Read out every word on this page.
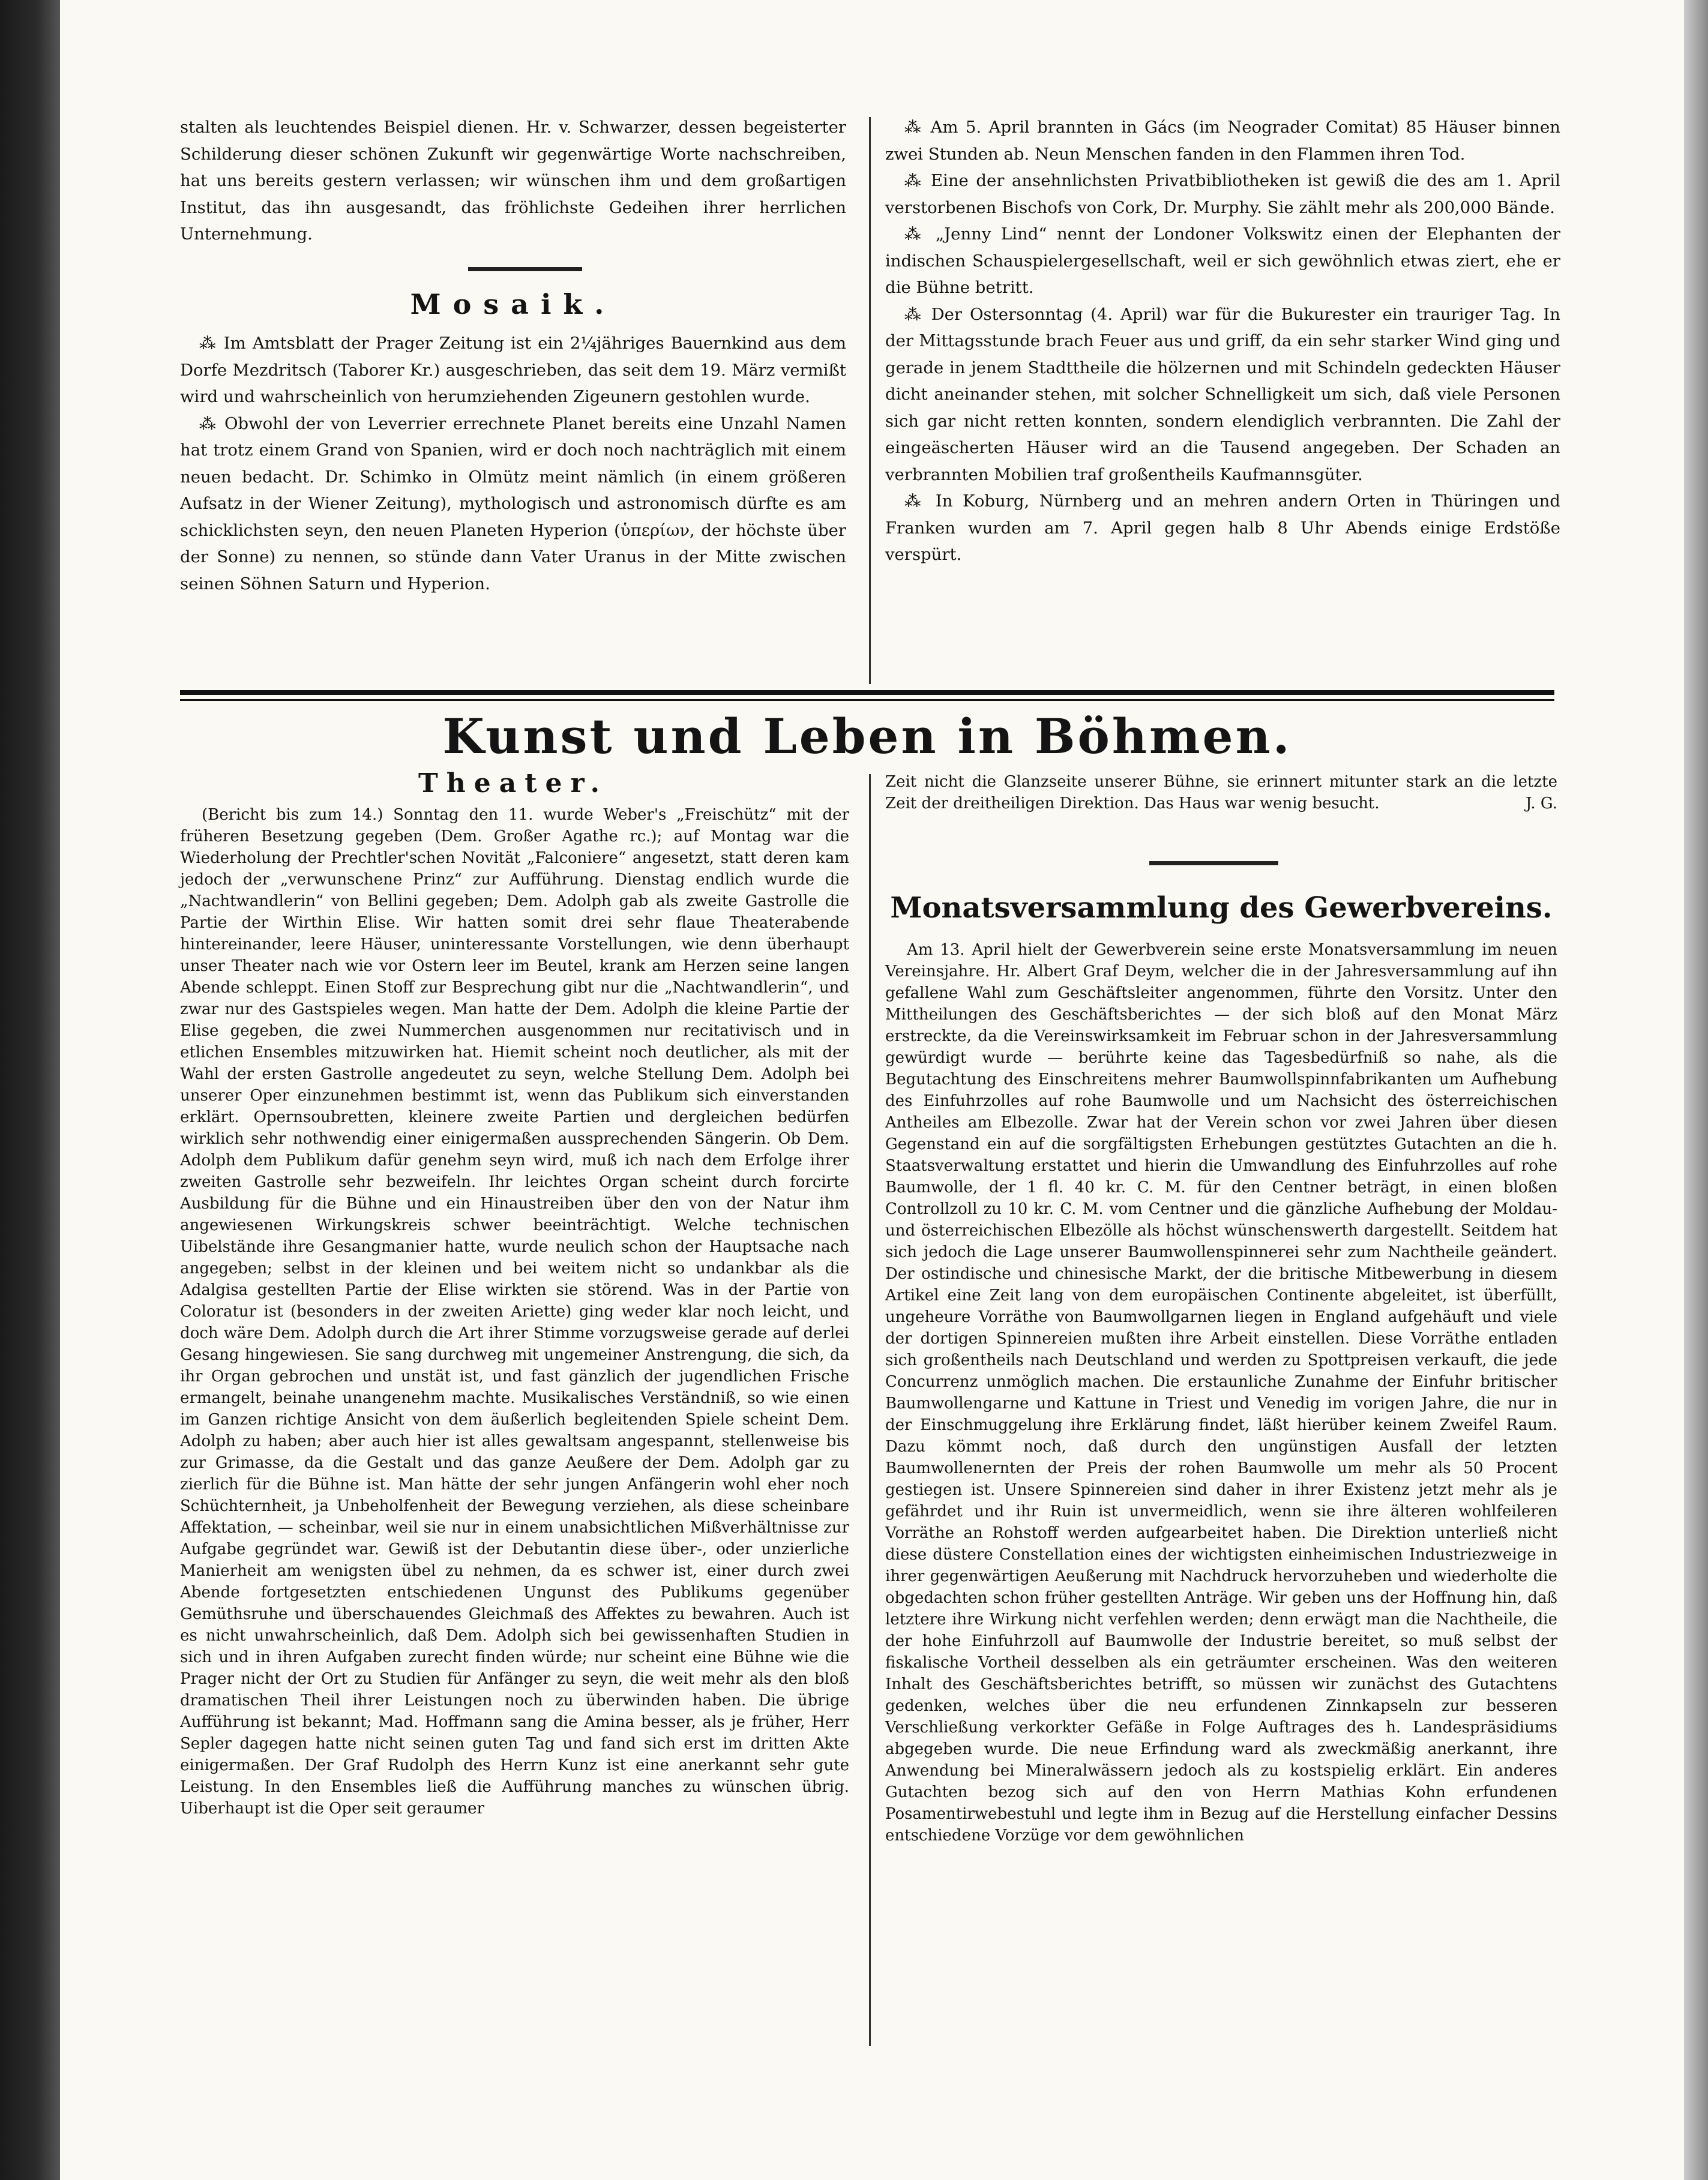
stalten als leuchtendes Beispiel dienen. Hr. v. Schwarzer, dessen begeisterter Schilderung dieser schönen Zukunft wir gegenwärtige Worte nachschreiben, hat uns bereits gestern verlassen; wir wünschen ihm und dem großartigen Institut, das ihn ausgesandt, das fröhlichste Gedeihen ihrer herrlichen Unternehmung.

Mosaik.

⁂ Im Amtsblatt der Prager Zeitung ist ein 2¼jähriges Bauernkind aus dem Dorfe Mezdritsch (Taborer Kr.) ausgeschrieben, das seit dem 19. März vermißt wird und wahrscheinlich von herumziehenden Zigeunern gestohlen wurde.

⁂ Obwohl der von Leverrier errechnete Planet bereits eine Unzahl Namen hat trotz einem Grand von Spanien, wird er doch noch nachträglich mit einem neuen bedacht. Dr. Schimko in Olmütz meint nämlich (in einem größeren Aufsatz in der Wiener Zeitung), mythologisch und astronomisch dürfte es am schicklichsten seyn, den neuen Planeten Hyperion (ὑπερίων, der höchste über der Sonne) zu nennen, so stünde dann Vater Uranus in der Mitte zwischen seinen Söhnen Saturn und Hyperion.

⁂ Am 5. April brannten in Gács (im Neograder Comitat) 85 Häuser binnen zwei Stunden ab. Neun Menschen fanden in den Flammen ihren Tod.

⁂ Eine der ansehnlichsten Privatbibliotheken ist gewiß die des am 1. April verstorbenen Bischofs von Cork, Dr. Murphy. Sie zählt mehr als 200,000 Bände.

⁂ „Jenny Lind“ nennt der Londoner Volkswitz einen der Elephanten der indischen Schauspielergesellschaft, weil er sich gewöhnlich etwas ziert, ehe er die Bühne betritt.

⁂ Der Ostersonntag (4. April) war für die Bukurester ein trauriger Tag. In der Mittagsstunde brach Feuer aus und griff, da ein sehr starker Wind ging und gerade in jenem Stadttheile die hölzernen und mit Schindeln gedeckten Häuser dicht aneinander stehen, mit solcher Schnelligkeit um sich, daß viele Personen sich gar nicht retten konnten, sondern elendiglich verbrannten. Die Zahl der eingeäscherten Häuser wird an die Tausend angegeben. Der Schaden an verbrannten Mobilien traf großentheils Kaufmannsgüter.

⁂ In Koburg, Nürnberg und an mehren andern Orten in Thüringen und Franken wurden am 7. April gegen halb 8 Uhr Abends einige Erdstöße verspürt.

Kunst und Leben in Böhmen.
Theater.

(Bericht bis zum 14.) Sonntag den 11. wurde Weber's „Freischütz“ mit der früheren Besetzung gegeben (Dem. Großer Agathe rc.); auf Montag war die Wiederholung der Prechtler'schen Novität „Falconiere“ angesetzt, statt deren kam jedoch der „verwunschene Prinz“ zur Aufführung. Dienstag endlich wurde die „Nachtwandlerin“ von Bellini gegeben; Dem. Adolph gab als zweite Gastrolle die Partie der Wirthin Elise. Wir hatten somit drei sehr flaue Theaterabende hintereinander, leere Häuser, uninteressante Vorstellungen, wie denn überhaupt unser Theater nach wie vor Ostern leer im Beutel, krank am Herzen seine langen Abende schleppt. Einen Stoff zur Besprechung gibt nur die „Nachtwandlerin“, und zwar nur des Gastspieles wegen. Man hatte der Dem. Adolph die kleine Partie der Elise gegeben, die zwei Nummerchen ausgenommen nur recitativisch und in etlichen Ensembles mitzuwirken hat. Hiemit scheint noch deutlicher, als mit der Wahl der ersten Gastrolle angedeutet zu seyn, welche Stellung Dem. Adolph bei unserer Oper einzunehmen bestimmt ist, wenn das Publikum sich einverstanden erklärt. Opernsoubretten, kleinere zweite Partien und dergleichen bedürfen wirklich sehr nothwendig einer einigermaßen aussprechenden Sängerin. Ob Dem. Adolph dem Publikum dafür genehm seyn wird, muß ich nach dem Erfolge ihrer zweiten Gastrolle sehr bezweifeln. Ihr leichtes Organ scheint durch forcirte Ausbildung für die Bühne und ein Hinaustreiben über den von der Natur ihm angewiesenen Wirkungskreis schwer beeinträchtigt. Welche technischen Uibelstände ihre Gesangmanier hatte, wurde neulich schon der Hauptsache nach angegeben; selbst in der kleinen und bei weitem nicht so undankbar als die Adalgisa gestellten Partie der Elise wirkten sie störend. Was in der Partie von Coloratur ist (besonders in der zweiten Ariette) ging weder klar noch leicht, und doch wäre Dem. Adolph durch die Art ihrer Stimme vorzugsweise gerade auf derlei Gesang hingewiesen. Sie sang durchweg mit ungemeiner Anstrengung, die sich, da ihr Organ gebrochen und unstät ist, und fast gänzlich der jugendlichen Frische ermangelt, beinahe unangenehm machte. Musikalisches Verständniß, so wie einen im Ganzen richtige Ansicht von dem äußerlich begleitenden Spiele scheint Dem. Adolph zu haben; aber auch hier ist alles gewaltsam angespannt, stellenweise bis zur Grimasse, da die Gestalt und das ganze Aeußere der Dem. Adolph gar zu zierlich für die Bühne ist. Man hätte der sehr jungen Anfängerin wohl eher noch Schüchternheit, ja Unbeholfenheit der Bewegung verziehen, als diese scheinbare Affektation, — scheinbar, weil sie nur in einem unabsichtlichen Mißverhältnisse zur Aufgabe gegründet war. Gewiß ist der Debutantin diese über-, oder unzierliche Manierheit am wenigsten übel zu nehmen, da es schwer ist, einer durch zwei Abende fortgesetzten entschiedenen Ungunst des Publikums gegenüber Gemüthsruhe und überschauendes Gleichmaß des Affektes zu bewahren. Auch ist es nicht unwahrscheinlich, daß Dem. Adolph sich bei gewissenhaften Studien in sich und in ihren Aufgaben zurecht finden würde; nur scheint eine Bühne wie die Prager nicht der Ort zu Studien für Anfänger zu seyn, die weit mehr als den bloß dramatischen Theil ihrer Leistungen noch zu überwinden haben. Die übrige Aufführung ist bekannt; Mad. Hoffmann sang die Amina besser, als je früher, Herr Sepler dagegen hatte nicht seinen guten Tag und fand sich erst im dritten Akte einigermaßen. Der Graf Rudolph des Herrn Kunz ist eine anerkannt sehr gute Leistung. In den Ensembles ließ die Aufführung manches zu wünschen übrig. Uiberhaupt ist die Oper seit geraumer

Zeit nicht die Glanzseite unserer Bühne, sie erinnert mitunter stark an die letzte Zeit der dreitheiligen Direktion. Das Haus war wenig besucht.	J. G.
Monatsversammlung des Gewerbvereins.

Am 13. April hielt der Gewerbverein seine erste Monatsversammlung im neuen Vereinsjahre. Hr. Albert Graf Deym, welcher die in der Jahresversammlung auf ihn gefallene Wahl zum Geschäftsleiter angenommen, führte den Vorsitz. Unter den Mittheilungen des Geschäftsberichtes — der sich bloß auf den Monat März erstreckte, da die Vereinswirksamkeit im Februar schon in der Jahresversammlung gewürdigt wurde — berührte keine das Tagesbedürfniß so nahe, als die Begutachtung des Einschreitens mehrer Baumwollspinnfabrikanten um Aufhebung des Einfuhrzolles auf rohe Baumwolle und um Nachsicht des österreichischen Antheiles am Elbezolle. Zwar hat der Verein schon vor zwei Jahren über diesen Gegenstand ein auf die sorgfältigsten Erhebungen gestütztes Gutachten an die h. Staatsverwaltung erstattet und hierin die Umwandlung des Einfuhrzolles auf rohe Baumwolle, der 1 fl. 40 kr. C. M. für den Centner beträgt, in einen bloßen Controllzoll zu 10 kr. C. M. vom Centner und die gänzliche Aufhebung der Moldau- und österreichischen Elbezölle als höchst wünschenswerth dargestellt. Seitdem hat sich jedoch die Lage unserer Baumwollenspinnerei sehr zum Nachtheile geändert. Der ostindische und chinesische Markt, der die britische Mitbewerbung in diesem Artikel eine Zeit lang von dem europäischen Continente abgeleitet, ist überfüllt, ungeheure Vorräthe von Baumwollgarnen liegen in England aufgehäuft und viele der dortigen Spinnereien mußten ihre Arbeit einstellen. Diese Vorräthe entladen sich großentheils nach Deutschland und werden zu Spottpreisen verkauft, die jede Concurrenz unmöglich machen. Die erstaunliche Zunahme der Einfuhr britischer Baumwollengarne und Kattune in Triest und Venedig im vorigen Jahre, die nur in der Einschmuggelung ihre Erklärung findet, läßt hierüber keinem Zweifel Raum. Dazu kömmt noch, daß durch den ungünstigen Ausfall der letzten Baumwollenernten der Preis der rohen Baumwolle um mehr als 50 Procent gestiegen ist. Unsere Spinnereien sind daher in ihrer Existenz jetzt mehr als je gefährdet und ihr Ruin ist unvermeidlich, wenn sie ihre älteren wohlfeileren Vorräthe an Rohstoff werden aufgearbeitet haben. Die Direktion unterließ nicht diese düstere Constellation eines der wichtigsten einheimischen Industriezweige in ihrer gegenwärtigen Aeußerung mit Nachdruck hervorzuheben und wiederholte die obgedachten schon früher gestellten Anträge. Wir geben uns der Hoffnung hin, daß letztere ihre Wirkung nicht verfehlen werden; denn erwägt man die Nachtheile, die der hohe Einfuhrzoll auf Baumwolle der Industrie bereitet, so muß selbst der fiskalische Vortheil desselben als ein geträumter erscheinen. Was den weiteren Inhalt des Geschäftsberichtes betrifft, so müssen wir zunächst des Gutachtens gedenken, welches über die neu erfundenen Zinnkapseln zur besseren Verschließung verkorkter Gefäße in Folge Auftrages des h. Landespräsidiums abgegeben wurde. Die neue Erfindung ward als zweckmäßig anerkannt, ihre Anwendung bei Mineralwässern jedoch als zu kostspielig erklärt. Ein anderes Gutachten bezog sich auf den von Herrn Mathias Kohn erfundenen Posamentirwebestuhl und legte ihm in Bezug auf die Herstellung einfacher Dessins entschiedene Vorzüge vor dem gewöhnlichen
